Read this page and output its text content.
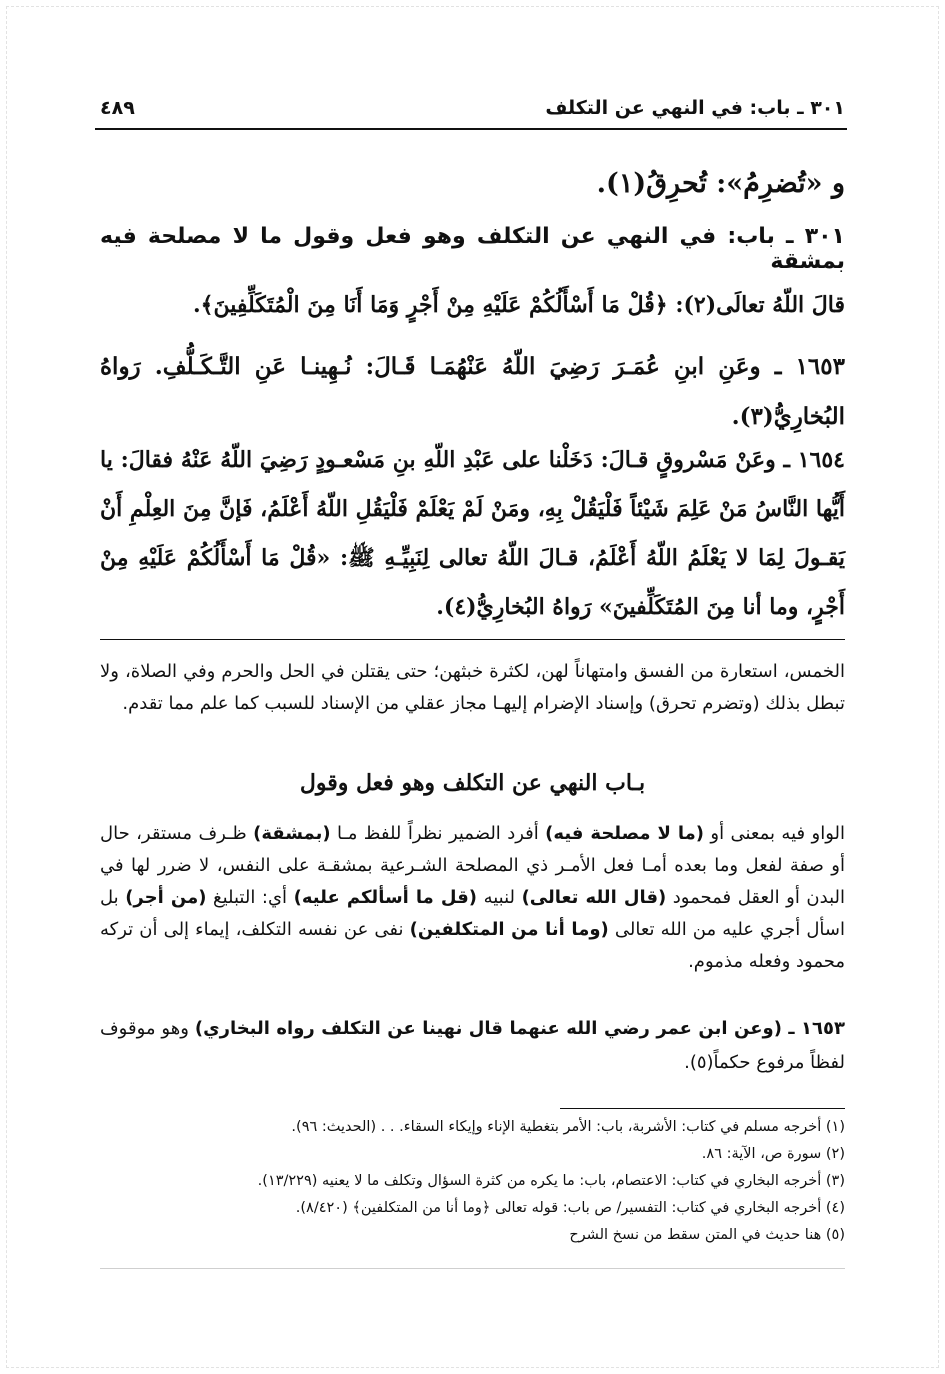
٣٠١ ـ باب: في النهي عن التكلف
٤٨٩
و «تُضرِمُ»: تُحرِقُ(١).
٣٠١ ـ باب: في النهي عن التكلف وهو فعل وقول ما لا مصلحة فيه بمشقة
قالَ اللّهُ تعالَى(٢): ﴿قُلْ مَا أَسْأَلُكُمْ عَلَيْهِ مِنْ أَجْرٍ وَمَا أَنَا مِنَ الْمُتَكَلِّفِينَ﴾.
١٦٥٣ ـ وعَنِ ابنِ عُمَـرَ رَضِيَ اللّهُ عَنْهُمَـا قَـالَ: نُـهِينـا عَنِ التَّـكَـلُّفِ. رَواهُ البُخارِيُّ(٣).
١٦٥٤ ـ وعَنْ مَسْروقٍ قـالَ: دَخَلْنا على عَبْدِ اللّهِ بنِ مَسْعـودٍ رَضِيَ اللّهُ عَنْهُ فقالَ: يا أَيُّها النَّاسُ مَنْ عَلِمَ شَيْئاً فَلْيَقُلْ بِهِ، ومَنْ لَمْ يَعْلَمْ فَلْيَقُلِ اللّهُ أَعْلَمُ، فَإنَّ مِنَ العِلْمِ أَنْ يَقـولَ لِمَا لا يَعْلَمُ اللّهُ أَعْلَمُ، قـالَ اللّهُ تعالى لِنَبِيِّـهِ ﷺ: «قُلْ مَا أَسْأَلُكُمْ عَلَيْهِ مِنْ أَجْرٍ، وما أنا مِنَ المُتَكَلِّفينَ» رَواهُ البُخارِيُّ(٤).
الخمس، استعارة من الفسق وامتهاناً لهن، لكثرة خبثهن؛ حتى يقتلن في الحل والحرم وفي الصلاة، ولا تبطل بذلك (وتضرم تحرق) وإسناد الإضرام إليهـا مجاز عقلي من الإسناد للسبب كما علم مما تقدم.
بـاب النهي عن التكلف وهو فعل وقول
الواو فيه بمعنى أو (ما لا مصلحة فيه) أفرد الضمير نظراً للفظ مـا (بمشقة) ظـرف مستقر، حال أو صفة لفعل وما بعده أمـا فعل الأمـر ذي المصلحة الشـرعية بمشقـة على النفس، لا ضرر لها في البدن أو العقل فمحمود (قال الله تعالى) لنبيه (قل ما أسألكم عليه) أي: التبليغ (من أجر) بل اسأل أجري عليه من الله تعالى (وما أنا من المتكلفين) نفى عن نفسه التكلف، إيماء إلى أن تركه محمود وفعله مذموم.
١٦٥٣ ـ (وعن ابن عمر رضي الله عنهما قال نهينا عن التكلف رواه البخاري) وهو موقوف لفظاً مرفوع حكماً(٥).
(١) أخرجه مسلم في كتاب: الأشربة، باب: الأمر بتغطية الإناء وإيكاء السقاء. . . (الحديث: ٩٦).
(٢) سورة ص، الآية: ٨٦.
(٣) أخرجه البخاري في كتاب: الاعتصام، باب: ما يكره من كثرة السؤال وتكلف ما لا يعنيه (١٣/٢٢٩).
(٤) أخرجه البخاري في كتاب: التفسير/ ص باب: قوله تعالى ﴿وما أنا من المتكلفين﴾ (٨/٤٢٠).
(٥) هنا حديث في المتن سقط من نسخ الشرح
